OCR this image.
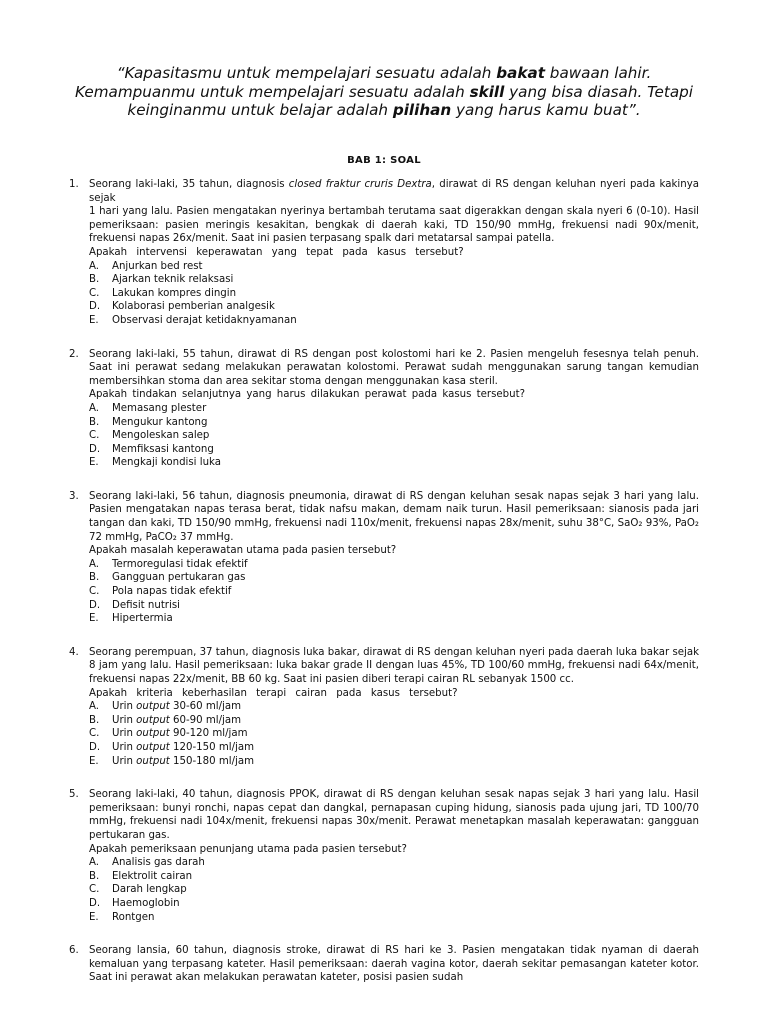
“Kapasitasmu untuk mempelajari sesuatu adalah bakat bawaan lahir. Kemampuanmu untuk mempelajari sesuatu adalah skill yang bisa diasah. Tetapi keinginanmu untuk belajar adalah pilihan yang harus kamu buat”.
BAB 1: SOAL
1. Seorang laki-laki, 35 tahun, diagnosis closed fraktur cruris Dextra, dirawat di RS dengan keluhan nyeri pada kakinya sejak

1 hari yang lalu. Pasien mengatakan nyerinya bertambah terutama saat digerakkan dengan skala nyeri 6 (0-10). Hasil pemeriksaan: pasien meringis kesakitan, bengkak di daerah kaki, TD 150/90 mmHg, frekuensi nadi 90x/menit, frekuensi napas 26x/menit. Saat ini pasien terpasang spalk dari metatarsal sampai patella.

Apakah intervensi keperawatan yang tepat pada kasus tersebut?

A. Anjurkan bed rest
B. Ajarkan teknik relaksasi
C. Lakukan kompres dingin
D. Kolaborasi pemberian analgesik
E. Observasi derajat ketidaknyamanan
2. Seorang laki-laki, 55 tahun, dirawat di RS dengan post kolostomi hari ke 2. Pasien mengeluh fesesnya telah penuh. Saat ini perawat sedang melakukan perawatan kolostomi. Perawat sudah menggunakan sarung tangan kemudian membersihkan stoma dan area sekitar stoma dengan menggunakan kasa steril.

Apakah tindakan selanjutnya yang harus dilakukan perawat pada kasus tersebut?

A. Memasang plester
B. Mengukur kantong
C. Mengoleskan salep
D. Memfiksasi kantong
E. Mengkaji kondisi luka
3. Seorang laki-laki, 56 tahun, diagnosis pneumonia, dirawat di RS dengan keluhan sesak napas sejak 3 hari yang lalu. Pasien mengatakan napas terasa berat, tidak nafsu makan, demam naik turun. Hasil pemeriksaan: sianosis pada jari tangan dan kaki, TD 150/90 mmHg, frekuensi nadi 110x/menit, frekuensi napas 28x/menit, suhu 38°C, SaO₂ 93%, PaO₂ 72 mmHg, PaCO₂ 37 mmHg.

Apakah masalah keperawatan utama pada pasien tersebut?

A. Termoregulasi tidak efektif
B. Gangguan pertukaran gas
C. Pola napas tidak efektif
D. Defisit nutrisi
E. Hipertermia
4. Seorang perempuan, 37 tahun, diagnosis luka bakar, dirawat di RS dengan keluhan nyeri pada daerah luka bakar sejak 8 jam yang lalu. Hasil pemeriksaan: luka bakar grade II dengan luas 45%, TD 100/60 mmHg, frekuensi nadi 64x/menit, frekuensi napas 22x/menit, BB 60 kg. Saat ini pasien diberi terapi cairan RL sebanyak 1500 cc.

Apakah kriteria keberhasilan terapi cairan pada kasus tersebut?

A. Urin output 30-60 ml/jam
B. Urin output 60-90 ml/jam
C. Urin output 90-120 ml/jam
D. Urin output 120-150 ml/jam
E. Urin output 150-180 ml/jam
5. Seorang laki-laki, 40 tahun, diagnosis PPOK, dirawat di RS dengan keluhan sesak napas sejak 3 hari yang lalu. Hasil pemeriksaan: bunyi ronchi, napas cepat dan dangkal, pernapasan cuping hidung, sianosis pada ujung jari, TD 100/70 mmHg, frekuensi nadi 104x/menit, frekuensi napas 30x/menit. Perawat menetapkan masalah keperawatan: gangguan pertukaran gas.

Apakah pemeriksaan penunjang utama pada pasien tersebut?

A. Analisis gas darah
B. Elektrolit cairan
C. Darah lengkap
D. Haemoglobin
E. Rontgen
6. Seorang lansia, 60 tahun, diagnosis stroke, dirawat di RS hari ke 3. Pasien mengatakan tidak nyaman di daerah kemaluan yang terpasang kateter. Hasil pemeriksaan: daerah vagina kotor, daerah sekitar pemasangan kateter kotor. Saat ini perawat akan melakukan perawatan kateter, posisi pasien sudah
